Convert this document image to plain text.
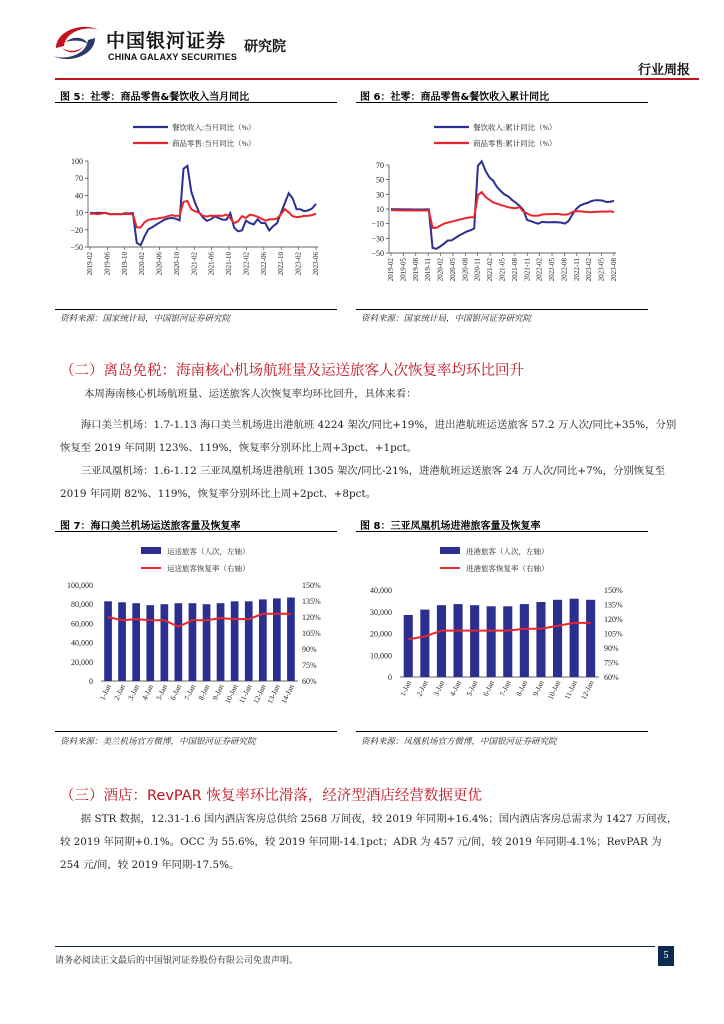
中国银河证券
CHINA GALAXY SECURITIES
研究院
行业周报
图 5：社零：商品零售&餐饮收入当月同比
100
70
40
10
−20
−50
2019-02 2019-06 2019-10 2020-02 2020-06 2020-10 2021-02 2021-06 2021-10 2022-02 2022-06 2022-10 2023-02 2023-06
餐饮收入:当月同比（%）
商品零售:当月同比（%）
资料来源：国家统计局，中国银河证券研究院
图 6：社零：商品零售&餐饮收入累计同比
70
50
30
10
−10
−30
−50
2019-02 2019-05 2019-08 2019-11 2020-02 2020-05 2020-08 2020-11 2021-02 2021-05 2021-08 2021-11 2022-02 2022-05 2022-08 2022-11 2023-02 2023-05 2023-08
餐饮收入:累计同比（%）
商品零售:累计同比（%）
资料来源：国家统计局，中国银河证券研究院
（二）离岛免税：海南核心机场航班量及运送旅客人次恢复率均环比回升
本周海南核心机场航班量、运送旅客人次恢复率均环比回升，具体来看：
海口美兰机场：1.7-1.13 海口美兰机场进出港航班 4224 架次/同比+19%，进出港航班运送旅客 57.2 万人次/同比+35%，分别恢复至 2019 年同期 123%、119%，恢复率分别环比上周+3pct、+1pct。
三亚凤凰机场：1.6-1.12 三亚凤凰机场进港航班 1305 架次/同比-21%，进港航班运送旅客 24 万人次/同比+7%，分别恢复至 2019 年同期 82%、119%，恢复率分别环比上周+2pct、+8pct。
图 7：海口美兰机场运送旅客量及恢复率
100,000
80,000
60,000
40,000
20,000
0
150%
135%
120%
105%
90%
75%
60%
1-Jan 2-Jan 3-Jan 4-Jan 5-Jan 6-Jan 7-Jan 8-Jan 9-Jan
10-Jan
11-Jan
12-Jan
13-Jan
14-Jan
运送旅客（人次，左轴）
运送旅客恢复率（右轴）
资料来源：美兰机场官方微博，中国银河证券研究院
图 8：三亚凤凰机场进港旅客量及恢复率
40,000
30,000
20,000
10,000
0
150%
135%
120%
105%
90%
75%
60%
1-Jan 2-Jan 3-Jan 4-Jan 5-Jan 6-Jan 7-Jan 8-Jan 9-Jan 10-Jan 11-Jan 12-Jan
进港旅客（人次，左轴）
进港旅客恢复率（右轴）
资料来源：凤凰机场官方微博，中国银河证券研究院
（三）酒店：RevPAR 恢复率环比滑落，经济型酒店经营数据更优
据 STR 数据，12.31-1.6 国内酒店客房总供给 2568 万间夜，较 2019 年同期+16.4%；国内酒店客房总需求为 1427 万间夜，较 2019 年同期+0.1%。OCC 为 55.6%，较 2019 年同期-14.1pct；ADR 为 457 元/间，较 2019 年同期-4.1%；RevPAR 为 254 元/间，较 2019 年同期-17.5%。
请务必阅读正文最后的中国银河证券股份有限公司免责声明。	5
